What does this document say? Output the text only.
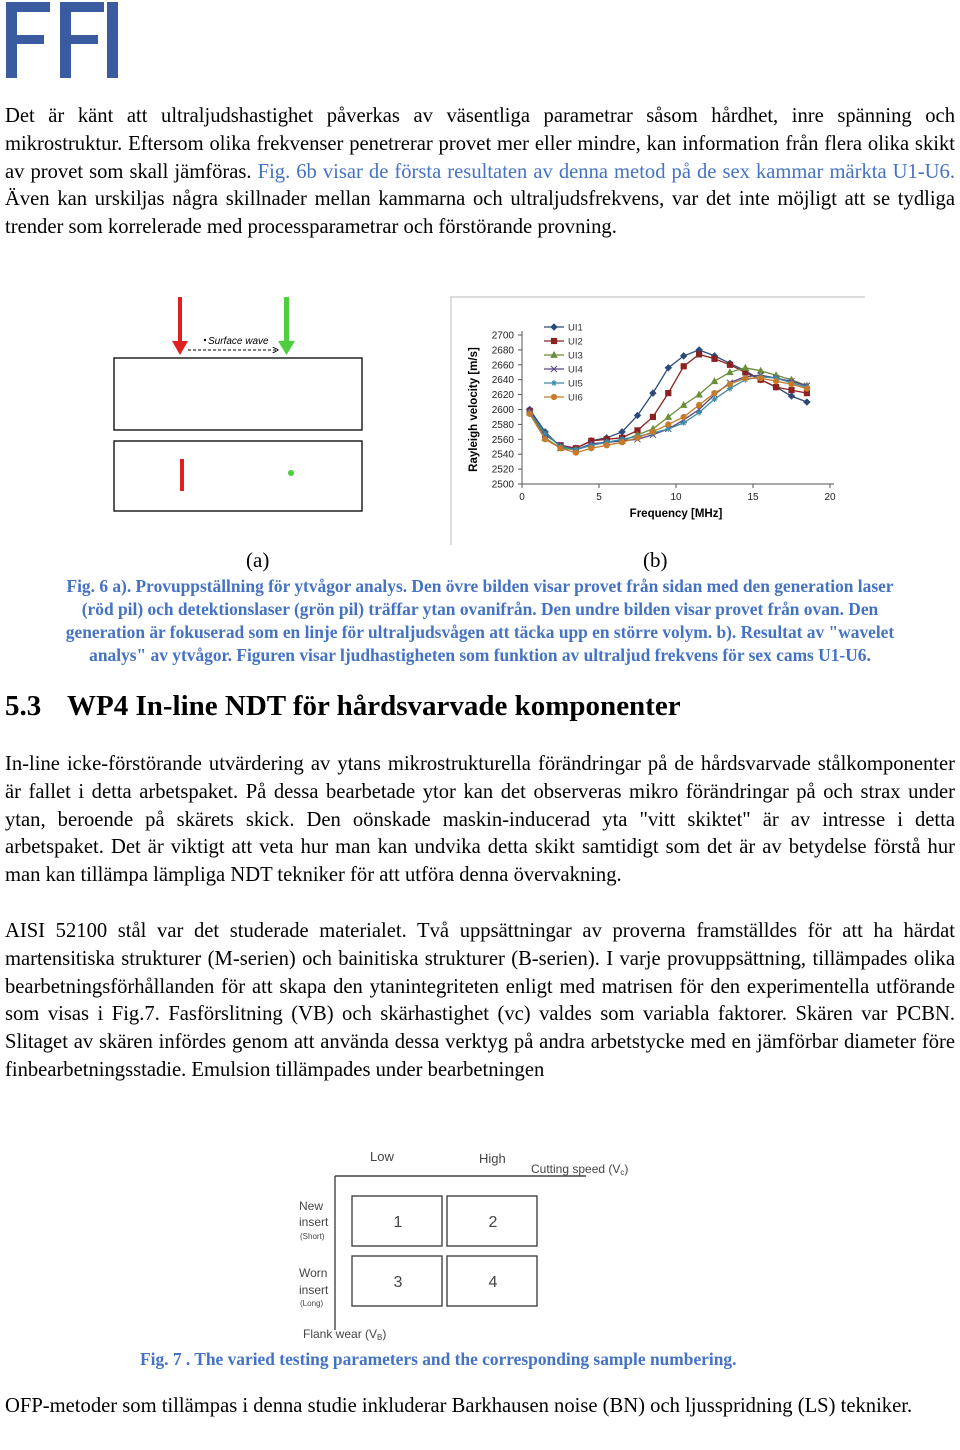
Det är känt att ultraljudshastighet påverkas av väsentliga parametrar såsom hårdhet, inre spänning och mikrostruktur. Eftersom olika frekvenser penetrerar provet mer eller mindre, kan information från flera olika skikt av provet som skall jämföras. Fig. 6b visar de första resultaten av denna metod på de sex kammar märkta U1-U6. Även kan urskiljas några skillnader mellan kammarna och ultraljudsfrekvens, var det inte möjligt att se tydliga trender som korrelerade med processparametrar och förstörande provning.

Surface wave
2500
2520
2540
2560
2580
2600
2620
2640
2660
2680
2700
0	5	10	15	20
UI1
UI2
UI3
UI4
UI5
UI6
Frequency [MHz]
Rayleigh velocity [m/s]
(a)	(b)
Fig. 6 a). Provuppställning för ytvågor analys. Den övre bilden visar provet från sidan med den generation laser
(röd pil) och detektionslaser (grön pil) träffar ytan ovanifrån. Den undre bilden visar provet från ovan. Den
generation är fokuserad som en linje för ultraljudsvågen att täcka upp en större volym. b). Resultat av "wavelet
analys" av ytvågor. Figuren visar ljudhastigheten som funktion av ultraljud frekvens för sex cams U1-U6.
5.3 WP4 In-line NDT för hårdsvarvade komponenter

In-line icke-förstörande utvärdering av ytans mikrostrukturella förändringar på de hårdsvarvade stålkomponenter är fallet i detta arbetspaket. På dessa bearbetade ytor kan det observeras mikro förändringar på och strax under ytan, beroende på skärets skick. Den oönskade maskin-inducerad yta "vitt skiktet" är av intresse i detta arbetspaket. Det är viktigt att veta hur man kan undvika detta skikt samtidigt som det är av betydelse förstå hur man kan tillämpa lämpliga NDT tekniker för att utföra denna övervakning.

AISI 52100 stål var det studerade materialet. Två uppsättningar av proverna framställdes för att ha härdat martensitiska strukturer (M-serien) och bainitiska strukturer (B-serien). I varje provuppsättning, tillämpades olika bearbetningsförhållanden för att skapa den ytanintegriteten enligt med matrisen för den experimentella utförande som visas i Fig.7. Fasförslitning (VB) och skärhastighet (vc) valdes som variabla faktorer. Skären var PCBN. Slitaget av skären infördes genom att använda dessa verktyg på andra arbetstycke med en jämförbar diameter före finbearbetningsstadie. Emulsion tillämpades under bearbetningen

Low	High
Cutting speed (Vc)
New
insert
(Short)
Worn
insert
(Long)
Flank wear (VB)
1	2
3	4

Fig. 7 . The varied testing parameters and the corresponding sample numbering.

OFP-metoder som tillämpas i denna studie inkluderar Barkhausen noise (BN) och ljusspridning (LS) tekniker.
